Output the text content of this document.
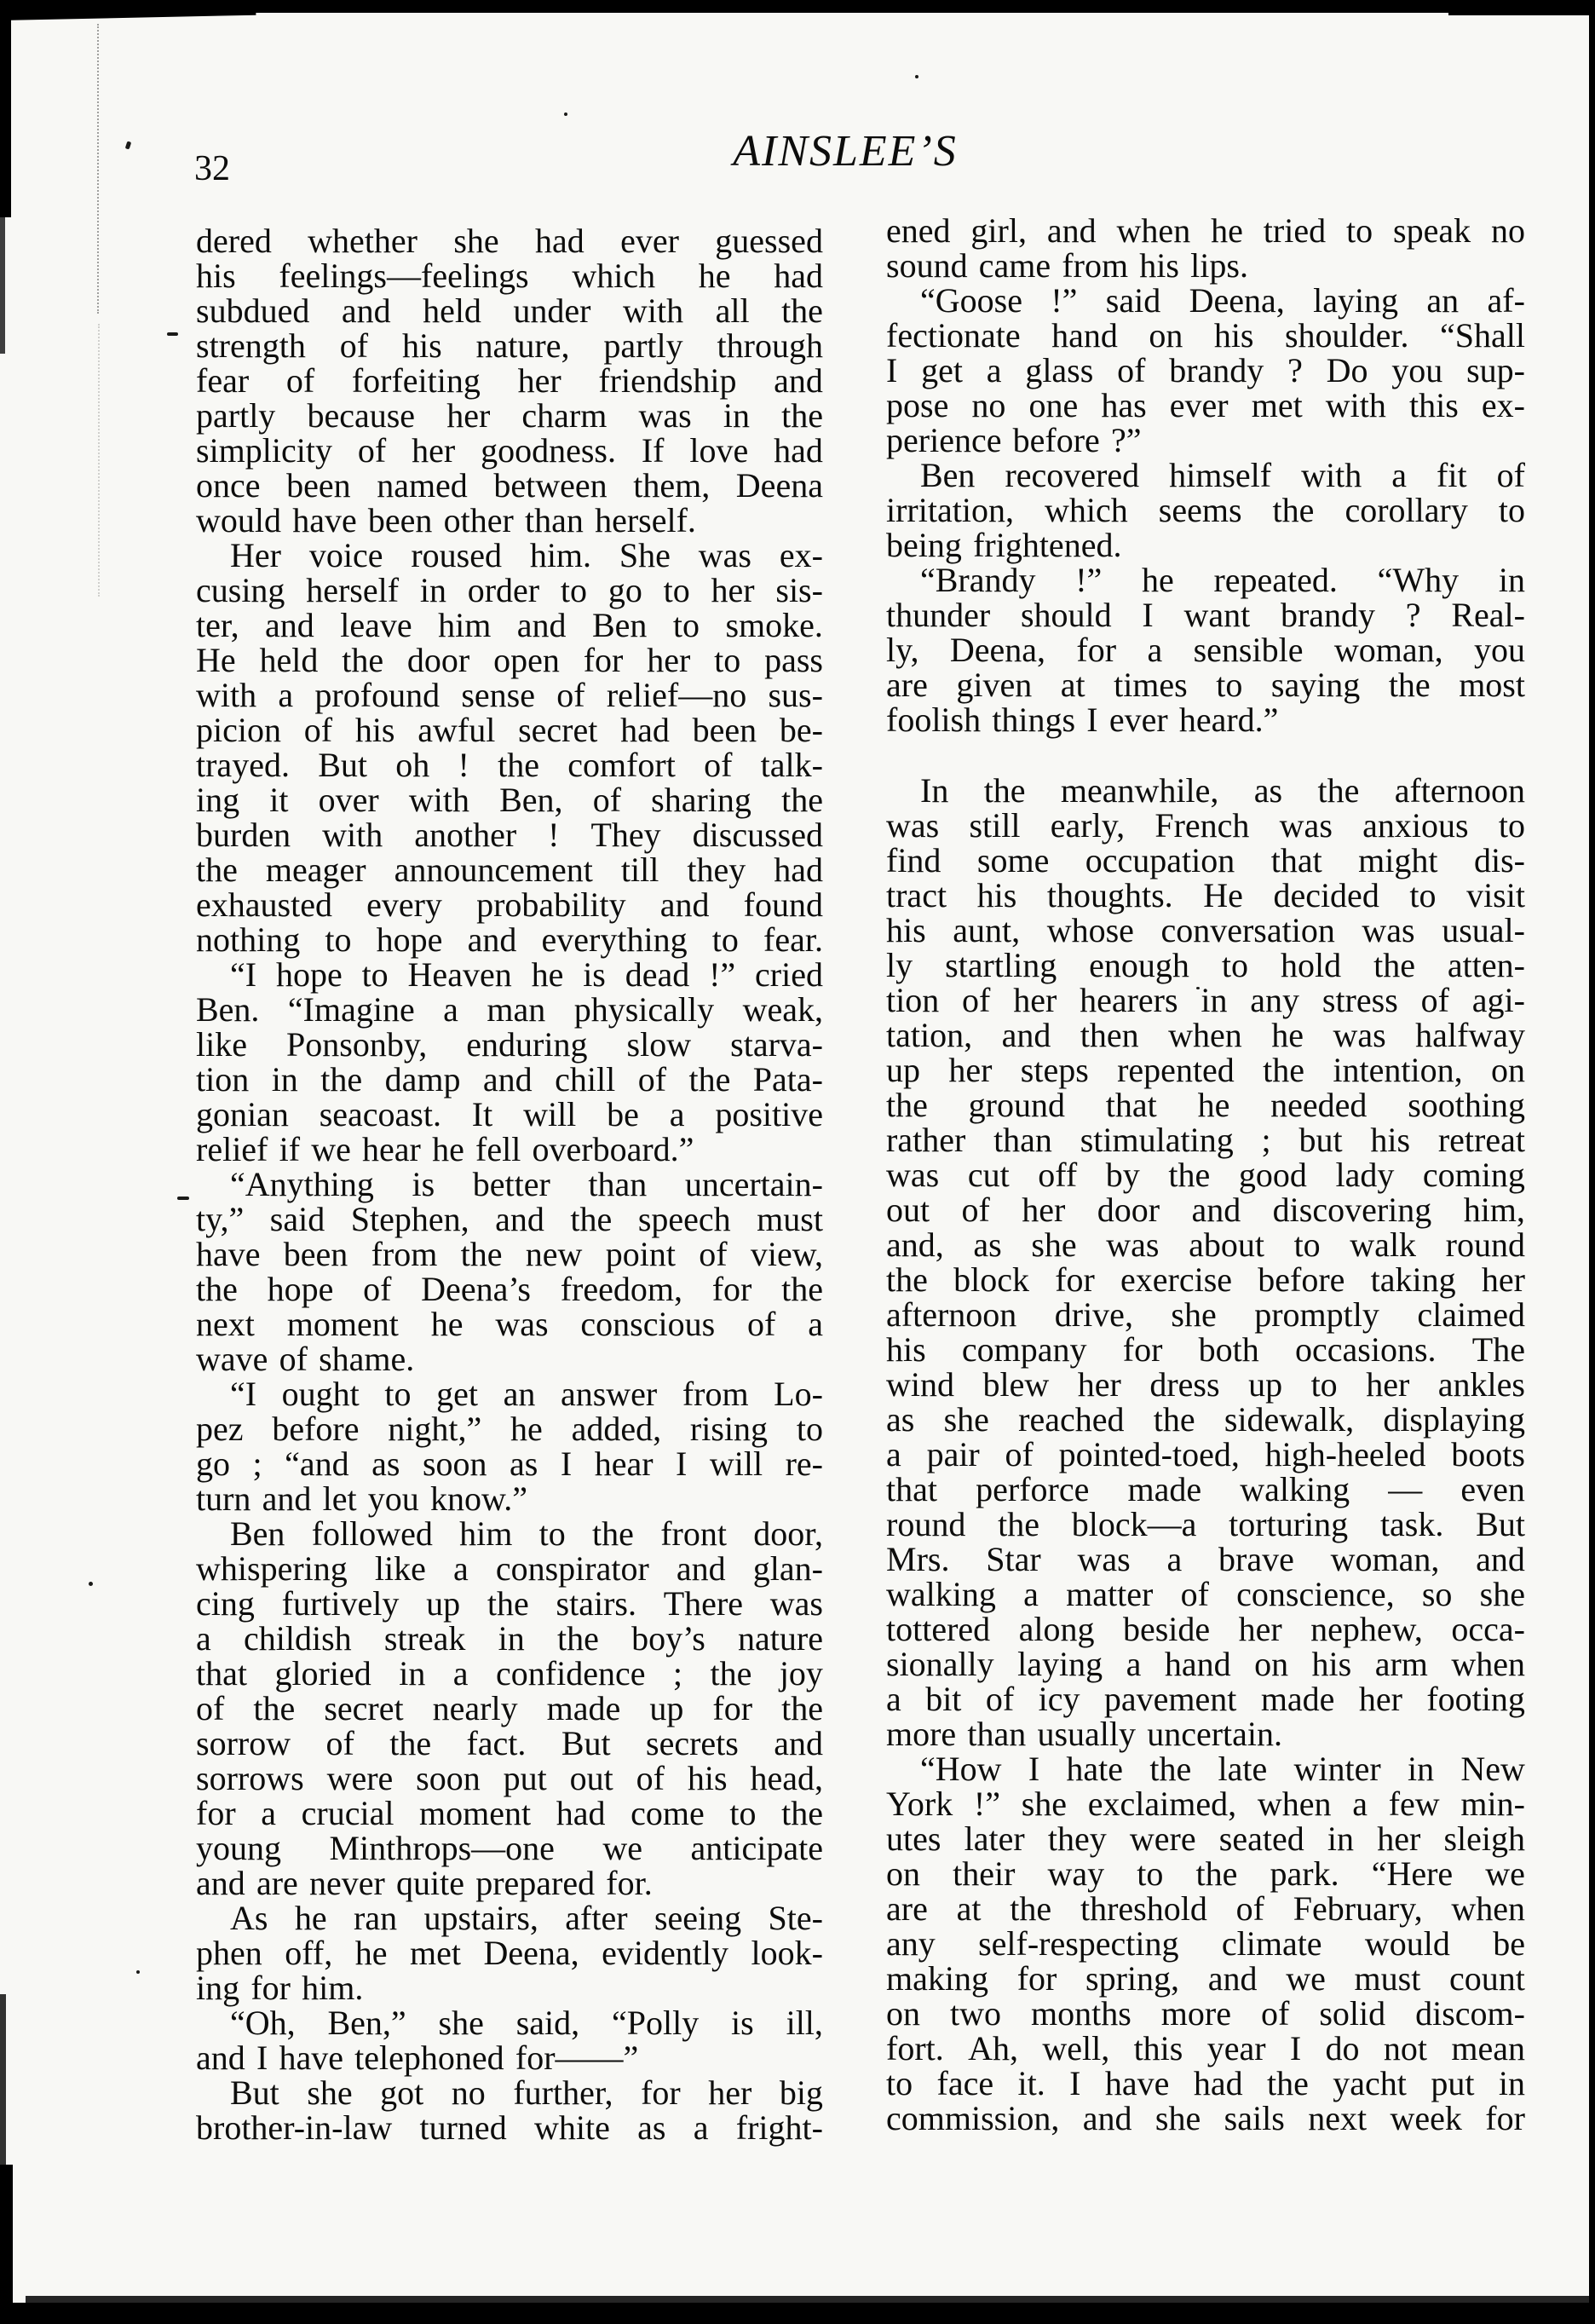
32	AINSLEE’S
dered whether she had ever guessed
his feelings—feelings which he had
subdued and held under with all the
strength of his nature, partly through
fear of forfeiting her friendship and
partly because her charm was in the
simplicity of her goodness. If love had
once been named between them, Deena
would have been other than herself.
Her voice roused him. She was ex-
cusing herself in order to go to her sis-
ter, and leave him and Ben to smoke.
He held the door open for her to pass
with a profound sense of relief—no sus-
picion of his awful secret had been be-
trayed. But oh ! the comfort of talk-
ing it over with Ben, of sharing the
burden with another ! They discussed
the meager announcement till they had
exhausted every probability and found
nothing to hope and everything to fear.
“I hope to Heaven he is dead !” cried
Ben. “Imagine a man physically weak,
like Ponsonby, enduring slow starva-
tion in the damp and chill of the Pata-
gonian seacoast. It will be a positive
relief if we hear he fell overboard.”
“Anything is better than uncertain-
ty,” said Stephen, and the speech must
have been from the new point of view,
the hope of Deena’s freedom, for the
next moment he was conscious of a
wave of shame.
“I ought to get an answer from Lo-
pez before night,” he added, rising to
go ; “and as soon as I hear I will re-
turn and let you know.”
Ben followed him to the front door,
whispering like a conspirator and glan-
cing furtively up the stairs. There was
a childish streak in the boy’s nature
that gloried in a confidence ; the joy
of the secret nearly made up for the
sorrow of the fact. But secrets and
sorrows were soon put out of his head,
for a crucial moment had come to the
young Minthrops—one we anticipate
and are never quite prepared for.
As he ran upstairs, after seeing Ste-
phen off, he met Deena, evidently look-
ing for him.
“Oh, Ben,” she said, “Polly is ill,
and I have telephoned for——”
But she got no further, for her big
brother-in-law turned white as a fright-
ened girl, and when he tried to speak no
sound came from his lips.
“Goose !” said Deena, laying an af-
fectionate hand on his shoulder. “Shall
I get a glass of brandy ? Do you sup-
pose no one has ever met with this ex-
perience before ?”
Ben recovered himself with a fit of
irritation, which seems the corollary to
being frightened.
“Brandy !” he repeated. “Why in
thunder should I want brandy ? Real-
ly, Deena, for a sensible woman, you
are given at times to saying the most
foolish things I ever heard.”
In the meanwhile, as the afternoon
was still early, French was anxious to
find some occupation that might dis-
tract his thoughts. He decided to visit
his aunt, whose conversation was usual-
ly startling enough to hold the atten-
tion of her hearers in any stress of agi-
tation, and then when he was halfway
up her steps repented the intention, on
the ground that he needed soothing
rather than stimulating ; but his retreat
was cut off by the good lady coming
out of her door and discovering him,
and, as she was about to walk round
the block for exercise before taking her
afternoon drive, she promptly claimed
his company for both occasions. The
wind blew her dress up to her ankles
as she reached the sidewalk, displaying
a pair of pointed-toed, high-heeled boots
that perforce made walking — even
round the block—a torturing task. But
Mrs. Star was a brave woman, and
walking a matter of conscience, so she
tottered along beside her nephew, occa-
sionally laying a hand on his arm when
a bit of icy pavement made her footing
more than usually uncertain.
“How I hate the late winter in New
York !” she exclaimed, when a few min-
utes later they were seated in her sleigh
on their way to the park. “Here we
are at the threshold of February, when
any self-respecting climate would be
making for spring, and we must count
on two months more of solid discom-
fort. Ah, well, this year I do not mean
to face it. I have had the yacht put in
commission, and she sails next week for
